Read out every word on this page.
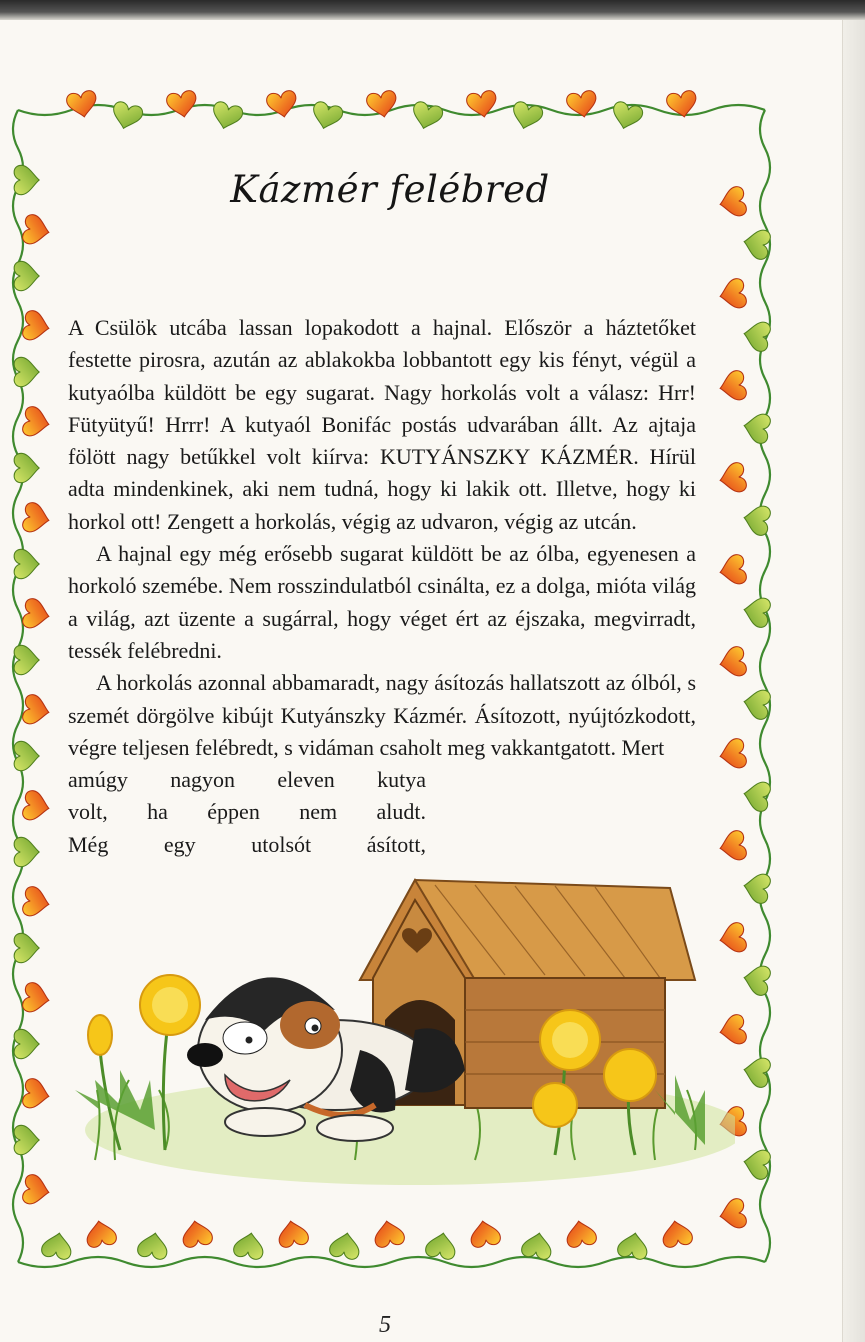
Kázmér felébred

A Csülök utcába lassan lopakodott a hajnal. Először a háztetőket festette pirosra, azután az ablakokba lobbantott egy kis fényt, végül a kutyaólba küldött be egy sugarat. Nagy horkolás volt a válasz: Hrr! Fütyütyű! Hrrr! A kutyaól Bonifác postás udvarában állt. Az ajtaja fölött nagy betűkkel volt kiírva: KUTYÁNSZKY KÁZMÉR. Hírül adta mindenkinek, aki nem tudná, hogy ki lakik ott. Illetve, hogy ki horkol ott! Zengett a horkolás, végig az udvaron, végig az utcán.

A hajnal egy még erősebb sugarat küldött be az ólba, egyenesen a horkoló szemébe. Nem rosszindulatból csinálta, ez a dolga, mióta világ a világ, azt üzente a sugárral, hogy véget ért az éjszaka, megvirradt, tessék felébredni.

A horkolás azonnal abbamaradt, nagy ásítozás hallatszott az ólból, s szemét dörgölve kibújt Kutyánszky Kázmér. Ásítozott, nyújtózkodott, végre teljesen felébredt, s vidáman csaholt meg vakkantgatott. Mert
amúgy nagyon eleven kutya
volt, ha éppen nem aludt.
Még egy utolsót ásított,

5
